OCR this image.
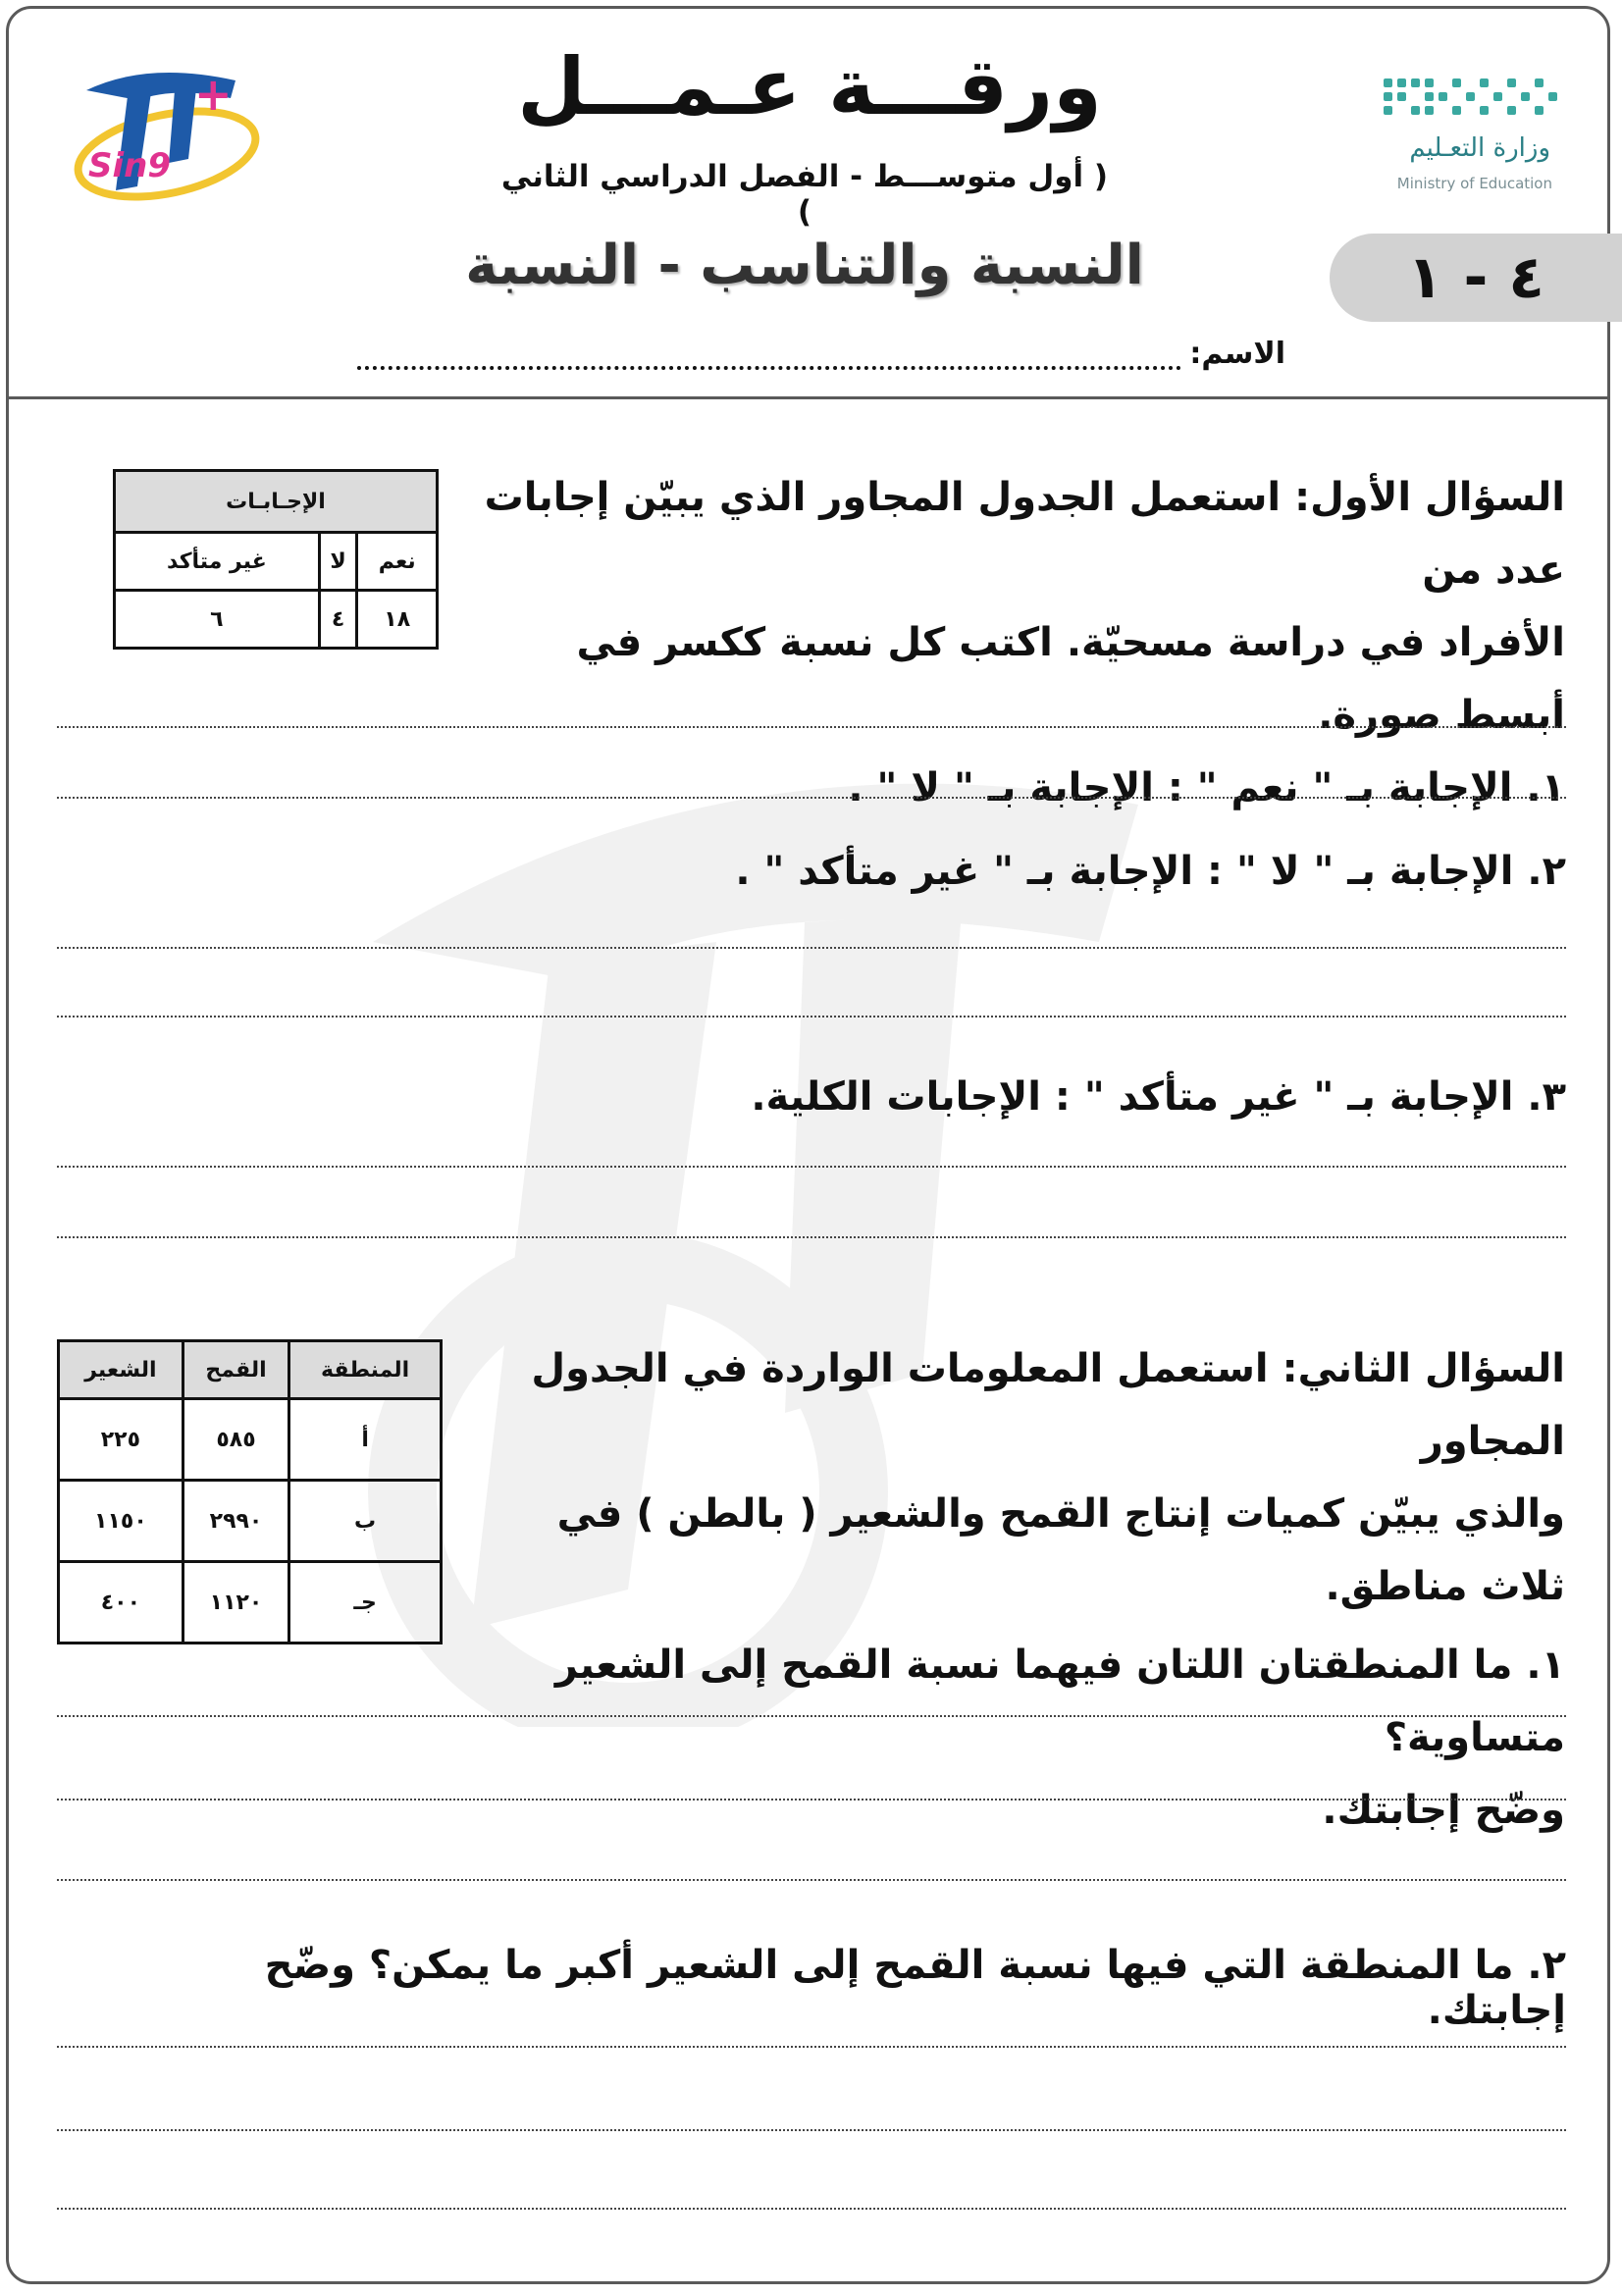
+
Sin9	وزارة التعـليم
Ministry of Education
ورقـــة عـمـــل
( أول متوســـط - الفصل الدراسي الثاني )
النسبة والتناسب - النسبة	٤ - ١
الاسم:
السؤال الأول: استعمل الجدول المجاور الذي يبيّن إجابات عدد من
الأفراد في دراسة مسحيّة. اكتب كل نسبة ككسر في أبسط صورة.
١. الإجابة بـ " نعم " : الإجابة بـ " لا " .
الإجـابـات		
نعم	لا	غير متأكد
١٨	٤	٦
٢. الإجابة بـ " لا " : الإجابة بـ " غير متأكد " .
٣. الإجابة بـ " غير متأكد " : الإجابات الكلية.
السؤال الثاني: استعمل المعلومات الواردة في الجدول المجاور
والذي يبيّن كميات إنتاج القمح والشعير ( بالطن ) في ثلاث مناطق.
١. ما المنطقتان اللتان فيهما نسبة القمح إلى الشعير متساوية؟
وضّح إجابتك.
المنطقة	القمح	الشعير
أ	٥٨٥	٢٢٥
ب	٢٩٩٠	١١٥٠
جـ	١١٢٠	٤٠٠
٢. ما المنطقة التي فيها نسبة القمح إلى الشعير أكبر ما يمكن؟ وضّح إجابتك.
